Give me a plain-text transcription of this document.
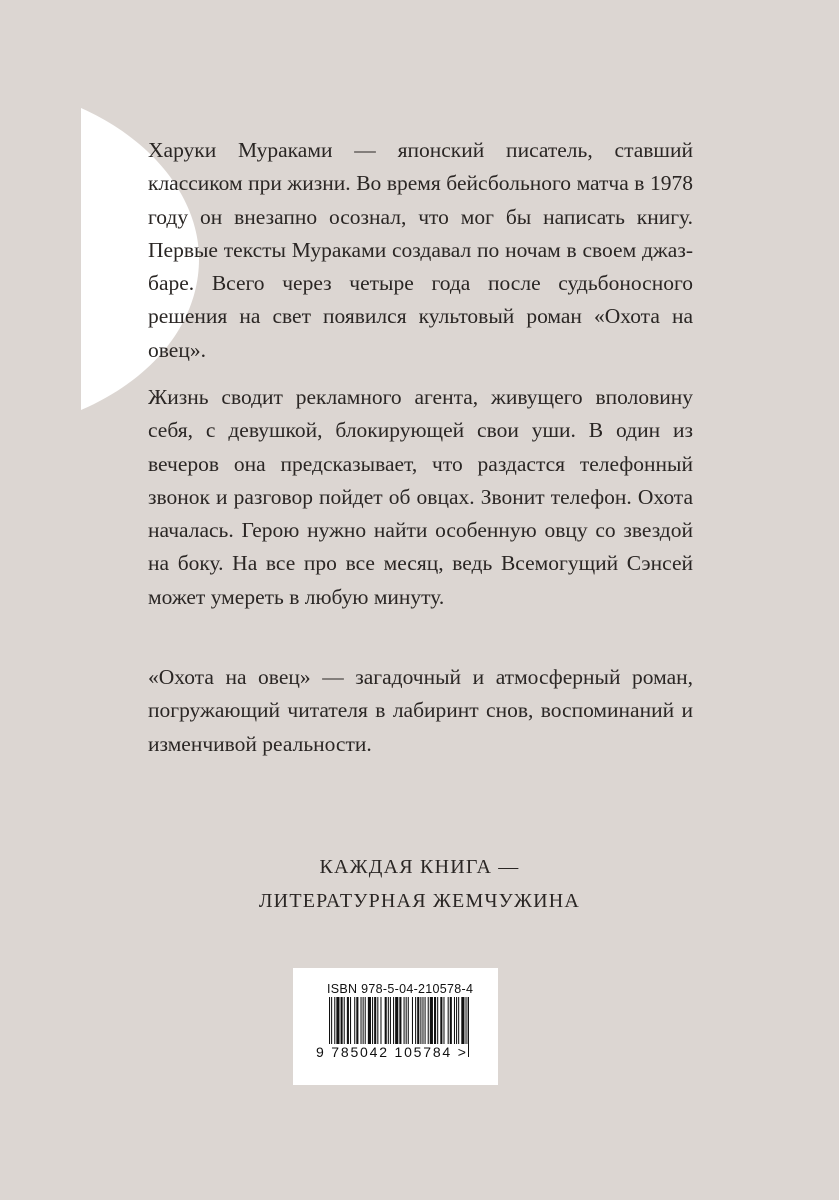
Харуки Мураками — японский писатель, ставший классиком при жизни. Во время бейсбольного матча в 1978 году он внезапно осознал, что мог бы написать книгу. Первые тексты Мураками создавал по ночам в своем джаз-баре. Всего через четыре года после судьбоносного решения на свет появился культовый роман «Охота на овец».

Жизнь сводит рекламного агента, живущего вполовину себя, с девушкой, блокирующей свои уши. В один из вечеров она предсказывает, что раздастся телефонный звонок и разговор пойдет об овцах. Звонит телефон. Охота началась. Герою нужно найти особенную овцу со звездой на боку. На все про все месяц, ведь Всемогущий Сэнсей может умереть в любую минуту.

«Охота на овец» — загадочный и атмосферный роман, погружающий читателя в лабиринт снов, воспоминаний и изменчивой реальности.

КАЖДАЯ КНИГА —
ЛИТЕРАТУРНАЯ ЖЕМЧУЖИНА
ISBN 978-5-04-210578-4
9 785042 105784 >
